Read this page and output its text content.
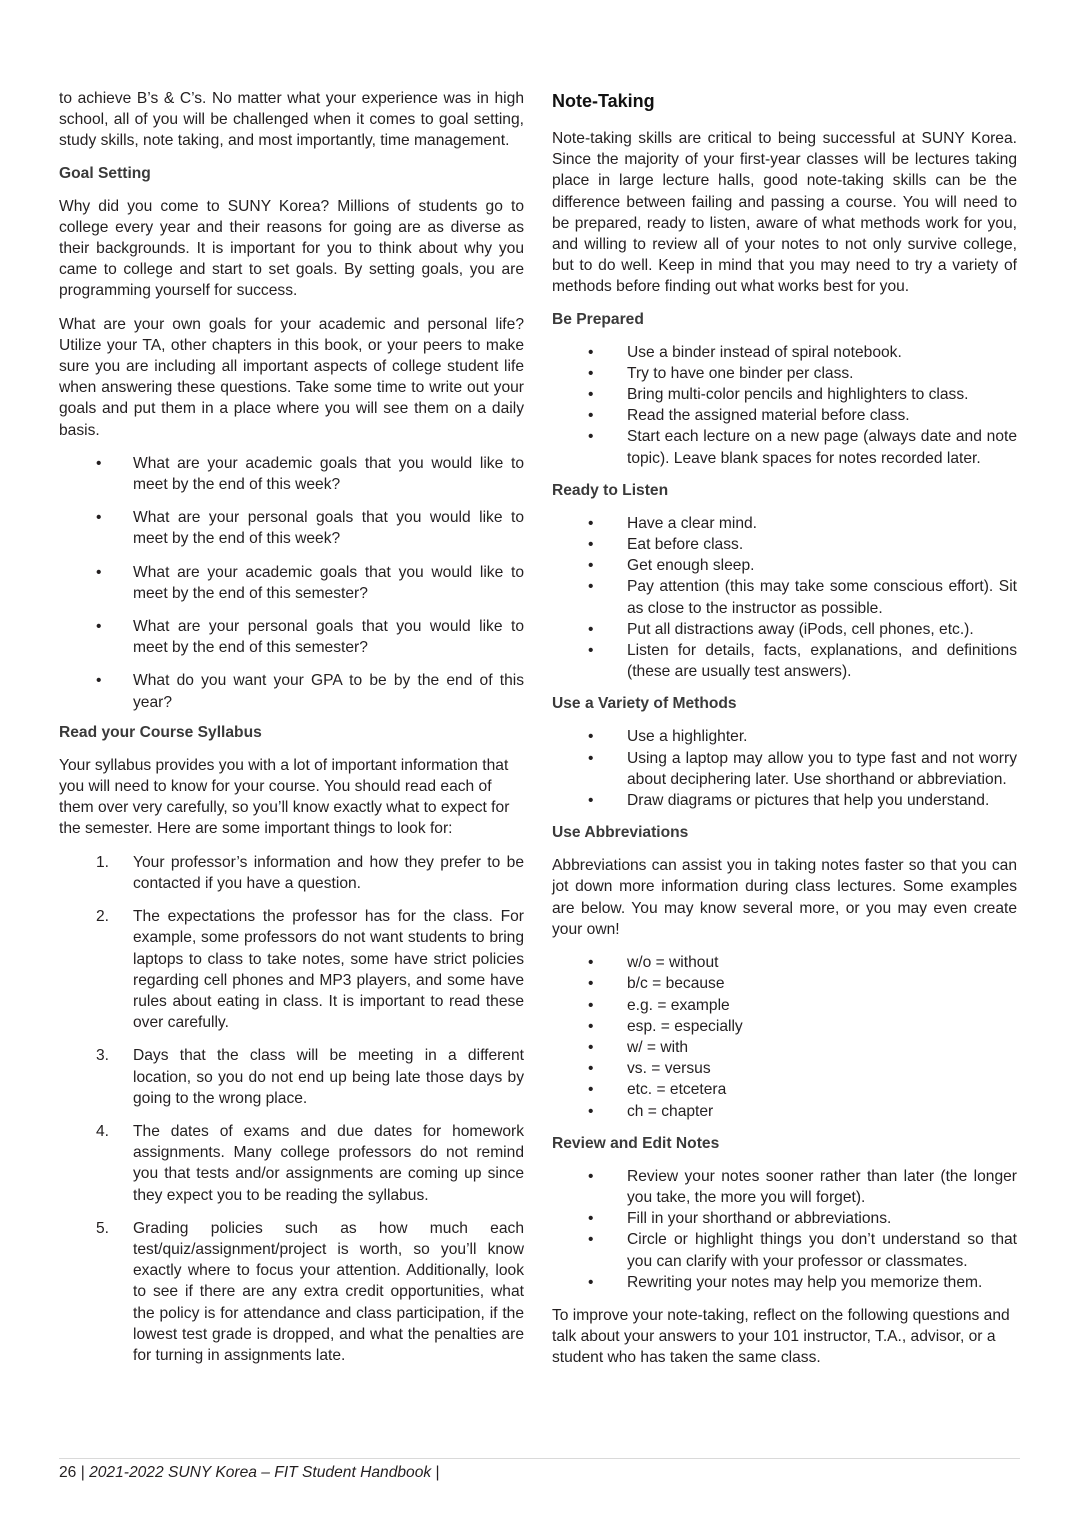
to achieve B’s & C’s. No matter what your experience was in high school, all of you will be challenged when it comes to goal setting, study skills, note taking, and most importantly, time management.

Goal Setting

Why did you come to SUNY Korea? Millions of students go to college every year and their reasons for going are as diverse as their backgrounds. It is important for you to think about why you came to college and start to set goals. By setting goals, you are programming yourself for success.

What are your own goals for your academic and personal life? Utilize your TA, other chapters in this book, or your peers to make sure you are including all important aspects of college student life when answering these questions. Take some time to write out your goals and put them in a place where you will see them on a daily basis.

• What are your academic goals that you would like to meet by the end of this week?
• What are your personal goals that you would like to meet by the end of this week?
• What are your academic goals that you would like to meet by the end of this semester?
• What are your personal goals that you would like to meet by the end of this semester?
• What do you want your GPA to be by the end of this year?
Read your Course Syllabus

Your syllabus provides you with a lot of important information that you will need to know for your course. You should read each of them over very carefully, so you’ll know exactly what to expect for the semester. Here are some important things to look for:

1. Your professor’s information and how they prefer to be contacted if you have a question.
2. The expectations the professor has for the class. For example, some professors do not want students to bring laptops to class to take notes, some have strict policies regarding cell phones and MP3 players, and some have rules about eating in class. It is important to read these over carefully.
3. Days that the class will be meeting in a different location, so you do not end up being late those days by going to the wrong place.
4. The dates of exams and due dates for homework assignments. Many college professors do not remind you that tests and/or assignments are coming up since they expect you to be reading the syllabus.
5. Grading policies such as how much each test/quiz/assignment/project is worth, so you’ll know exactly where to focus your attention. Additionally, look to see if there are any extra credit opportunities, what the policy is for attendance and class participation, if the lowest test grade is dropped, and what the penalties are for turning in assignments late.
Note-Taking

Note-taking skills are critical to being successful at SUNY Korea. Since the majority of your first-year classes will be lectures taking place in large lecture halls, good note-taking skills can be the difference between failing and passing a course. You will need to be prepared, ready to listen, aware of what methods work for you, and willing to review all of your notes to not only survive college, but to do well. Keep in mind that you may need to try a variety of methods before finding out what works best for you.

Be Prepared
• Use a binder instead of spiral notebook.
• Try to have one binder per class.
• Bring multi-color pencils and highlighters to class.
• Read the assigned material before class.
• Start each lecture on a new page (always date and note topic). Leave blank spaces for notes recorded later.
Ready to Listen
• Have a clear mind.
• Eat before class.
• Get enough sleep.
• Pay attention (this may take some conscious effort). Sit as close to the instructor as possible.
• Put all distractions away (iPods, cell phones, etc.).
• Listen for details, facts, explanations, and definitions (these are usually test answers).
Use a Variety of Methods
• Use a highlighter.
• Using a laptop may allow you to type fast and not worry about deciphering later. Use shorthand or abbreviation.
• Draw diagrams or pictures that help you understand.
Use Abbreviations

Abbreviations can assist you in taking notes faster so that you can jot down more information during class lectures. Some examples are below. You may know several more, or you may even create your own!

• w/o = without
• b/c = because
• e.g. = example
• esp. = especially
• w/ = with
• vs. = versus
• etc. = etcetera
• ch = chapter
Review and Edit Notes
• Review your notes sooner rather than later (the longer you take, the more you will forget).
• Fill in your shorthand or abbreviations.
• Circle or highlight things you don’t understand so that you can clarify with your professor or classmates.
• Rewriting your notes may help you memorize them.

To improve your note-taking, reflect on the following questions and talk about your answers to your 101 instructor, T.A., advisor, or a student who has taken the same class.

26 | 2021-2022 SUNY Korea – FIT Student Handbook |
